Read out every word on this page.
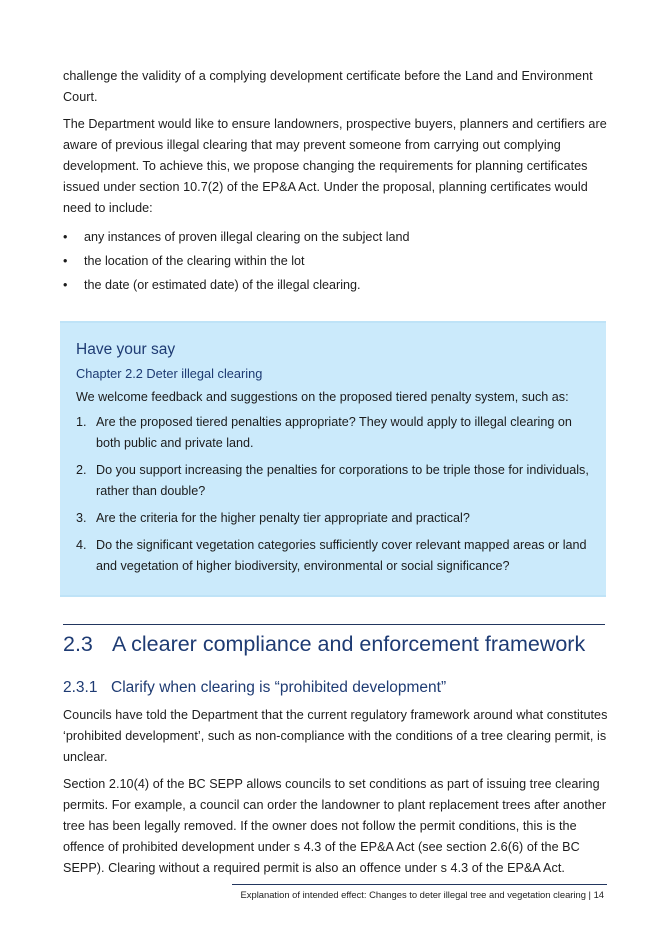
challenge the validity of a complying development certificate before the Land and Environment Court.

The Department would like to ensure landowners, prospective buyers, planners and certifiers are aware of previous illegal clearing that may prevent someone from carrying out complying development. To achieve this, we propose changing the requirements for planning certificates issued under section 10.7(2) of the EP&A Act. Under the proposal, planning certificates would need to include:

• any instances of proven illegal clearing on the subject land
• the location of the clearing within the lot
• the date (or estimated date) of the illegal clearing.
Have your say
Chapter 2.2 Deter illegal clearing

We welcome feedback and suggestions on the proposed tiered penalty system, such as:

1. Are the proposed tiered penalties appropriate? They would apply to illegal clearing on both public and private land.
2. Do you support increasing the penalties for corporations to be triple those for individuals, rather than double?
3. Are the criteria for the higher penalty tier appropriate and practical?
4. Do the significant vegetation categories sufficiently cover relevant mapped areas or land and vegetation of higher biodiversity, environmental or social significance?
2.3 A clearer compliance and enforcement framework
2.3.1 Clarify when clearing is “prohibited development”

Councils have told the Department that the current regulatory framework around what constitutes ‘prohibited development’, such as non-compliance with the conditions of a tree clearing permit, is unclear.

Section 2.10(4) of the BC SEPP allows councils to set conditions as part of issuing tree clearing permits. For example, a council can order the landowner to plant replacement trees after another tree has been legally removed. If the owner does not follow the permit conditions, this is the offence of prohibited development under s 4.3 of the EP&A Act (see section 2.6(6) of the BC SEPP). Clearing without a required permit is also an offence under s 4.3 of the EP&A Act.

Explanation of intended effect: Changes to deter illegal tree and vegetation clearing | 14
